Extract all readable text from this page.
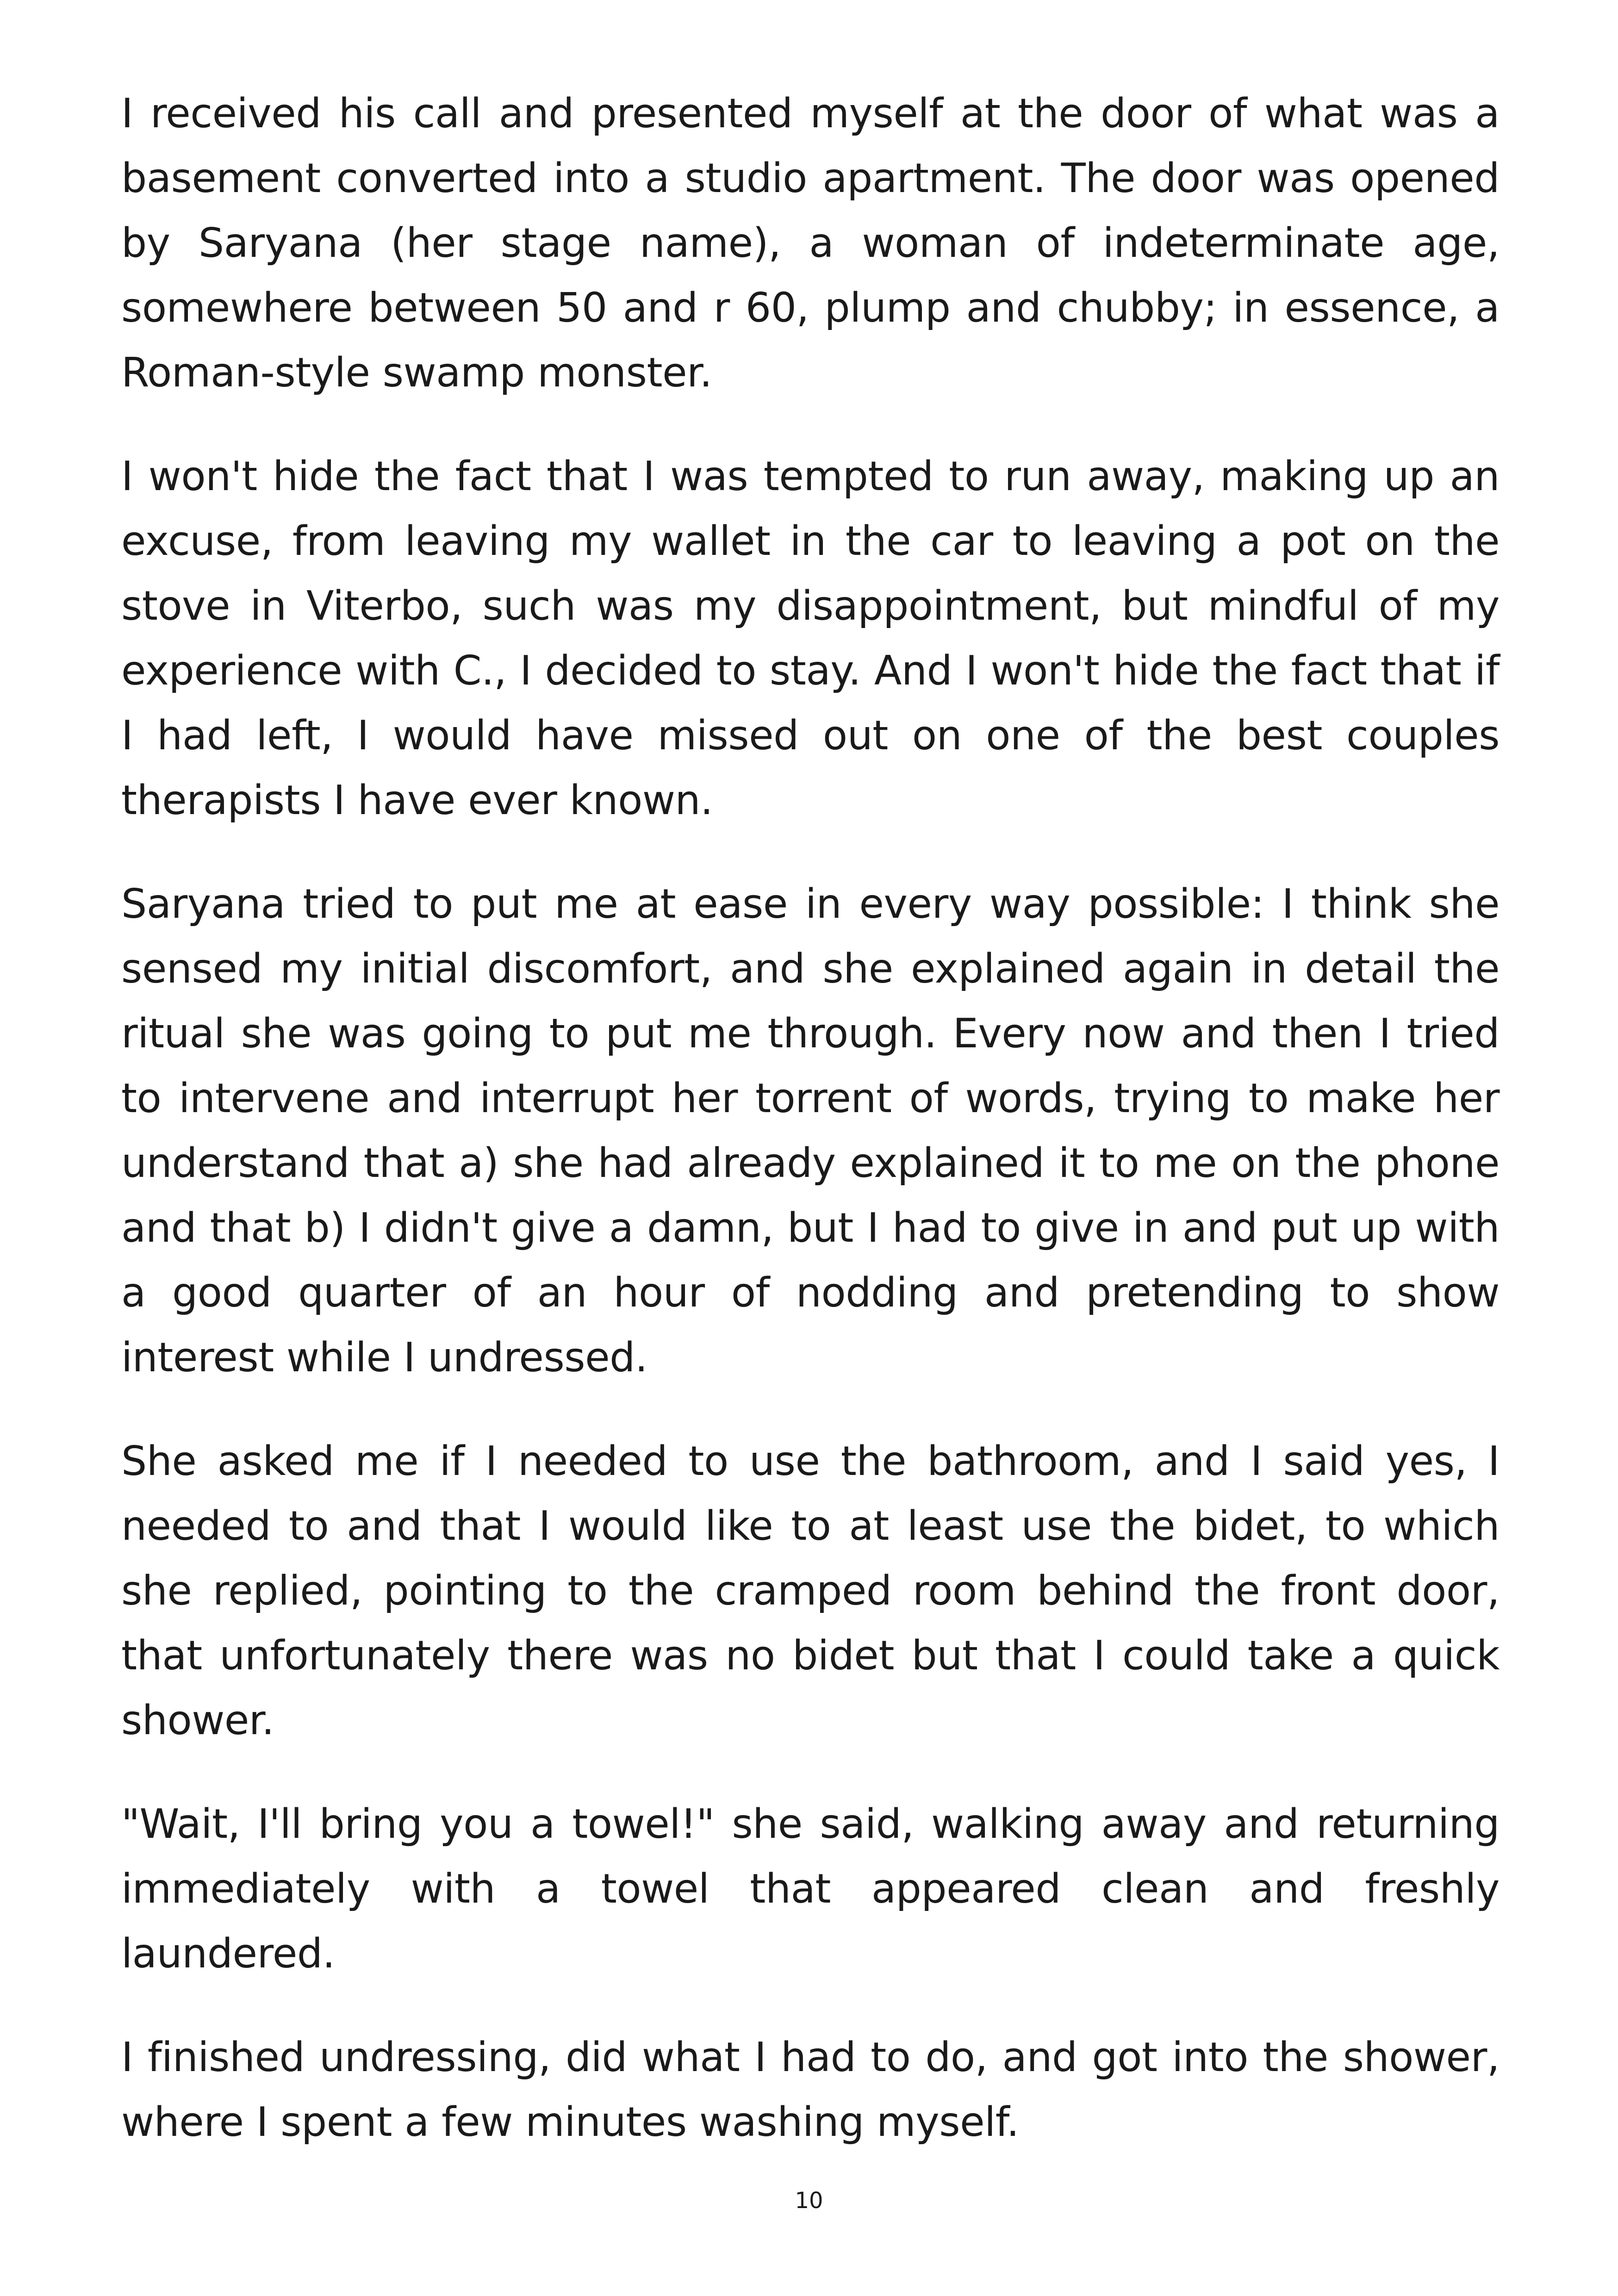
I received his call and presented myself at the door of what was a basement converted into a studio apartment. The door was opened by Saryana (her stage name), a woman of indeterminate age, somewhere between 50 and r 60, plump and chubby; in essence, a Roman-style swamp monster.

I won't hide the fact that I was tempted to run away, making up an excuse, from leaving my wallet in the car to leaving a pot on the stove in Viterbo, such was my disappointment, but mindful of my experience with C., I decided to stay. And I won't hide the fact that if I had left, I would have missed out on one of the best couples therapists I have ever known.

Saryana tried to put me at ease in every way possible: I think she sensed my initial discomfort, and she explained again in detail the ritual she was going to put me through. Every now and then I tried to intervene and interrupt her torrent of words, trying to make her understand that a) she had already explained it to me on the phone and that b) I didn't give a damn, but I had to give in and put up with a good quarter of an hour of nodding and pretending to show interest while I undressed.

She asked me if I needed to use the bathroom, and I said yes, I needed to and that I would like to at least use the bidet, to which she replied, pointing to the cramped room behind the front door, that unfortunately there was no bidet but that I could take a quick shower.

"Wait, I'll bring you a towel!" she said, walking away and returning immediately with a towel that appeared clean and freshly laundered.

I finished undressing, did what I had to do, and got into the shower, where I spent a few minutes washing myself.

10
